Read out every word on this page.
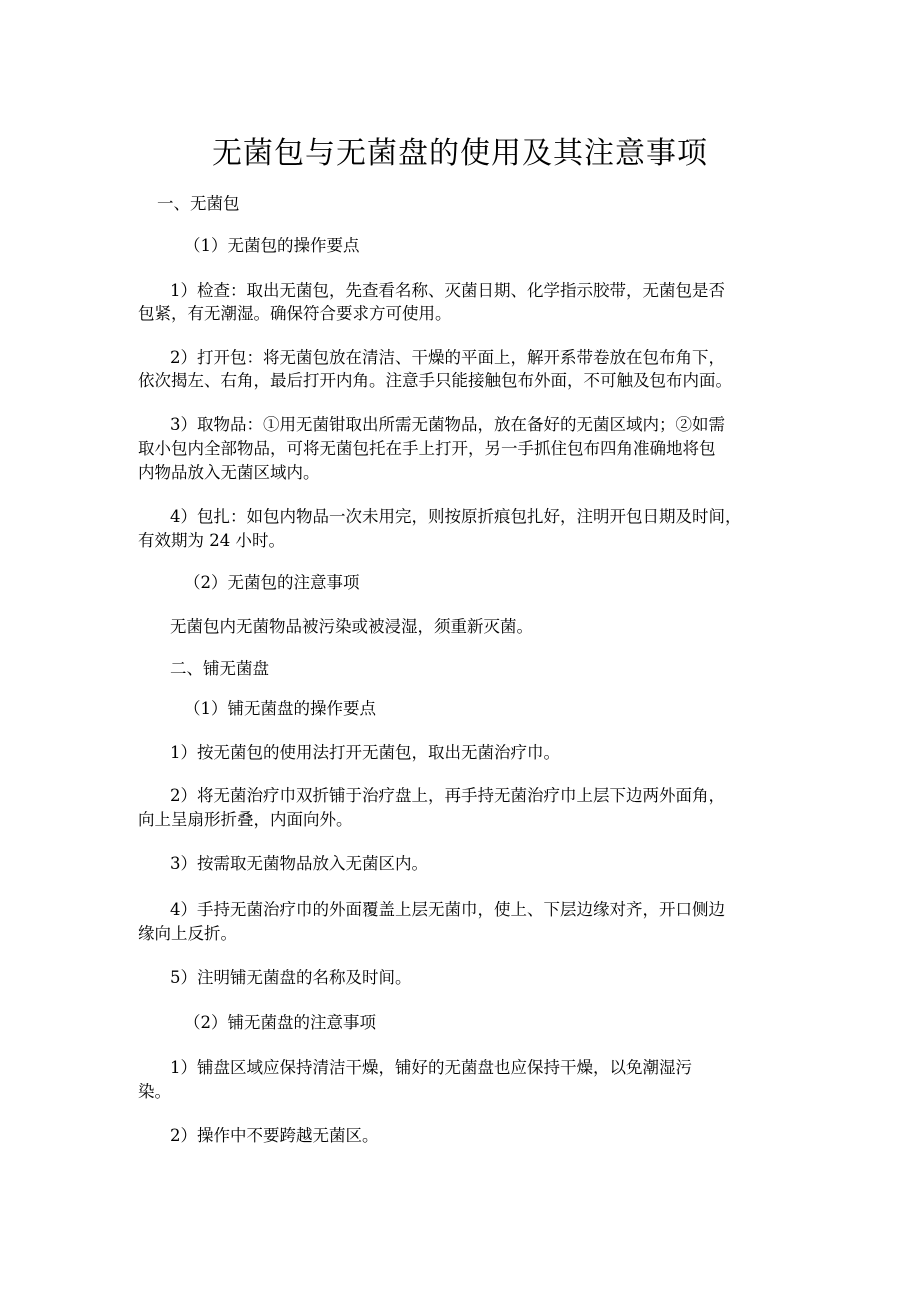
无菌包与无菌盘的使用及其注意事项

一、无菌包

（1）无菌包的操作要点

1）检查：取出无菌包，先查看名称、灭菌日期、化学指示胶带，无菌包是否

包紧，有无潮湿。确保符合要求方可使用。

2）打开包：将无菌包放在清洁、干燥的平面上，解开系带卷放在包布角下，

依次揭左、右角，最后打开内角。注意手只能接触包布外面，不可触及包布内面。

3）取物品：①用无菌钳取出所需无菌物品，放在备好的无菌区域内；②如需

取小包内全部物品，可将无菌包托在手上打开，另一手抓住包布四角准确地将包

内物品放入无菌区域内。

4）包扎：如包内物品一次未用完，则按原折痕包扎好，注明开包日期及时间，

有效期为 24 小时。

（2）无菌包的注意事项

无菌包内无菌物品被污染或被浸湿，须重新灭菌。

二、铺无菌盘

（1）铺无菌盘的操作要点

1）按无菌包的使用法打开无菌包，取出无菌治疗巾。

2）将无菌治疗巾双折铺于治疗盘上，再手持无菌治疗巾上层下边两外面角，

向上呈扇形折叠，内面向外。

3）按需取无菌物品放入无菌区内。

4）手持无菌治疗巾的外面覆盖上层无菌巾，使上、下层边缘对齐，开口侧边

缘向上反折。

5）注明铺无菌盘的名称及时间。

（2）铺无菌盘的注意事项

1）铺盘区域应保持清洁干燥，铺好的无菌盘也应保持干燥，以免潮湿污

染。

2）操作中不要跨越无菌区。
